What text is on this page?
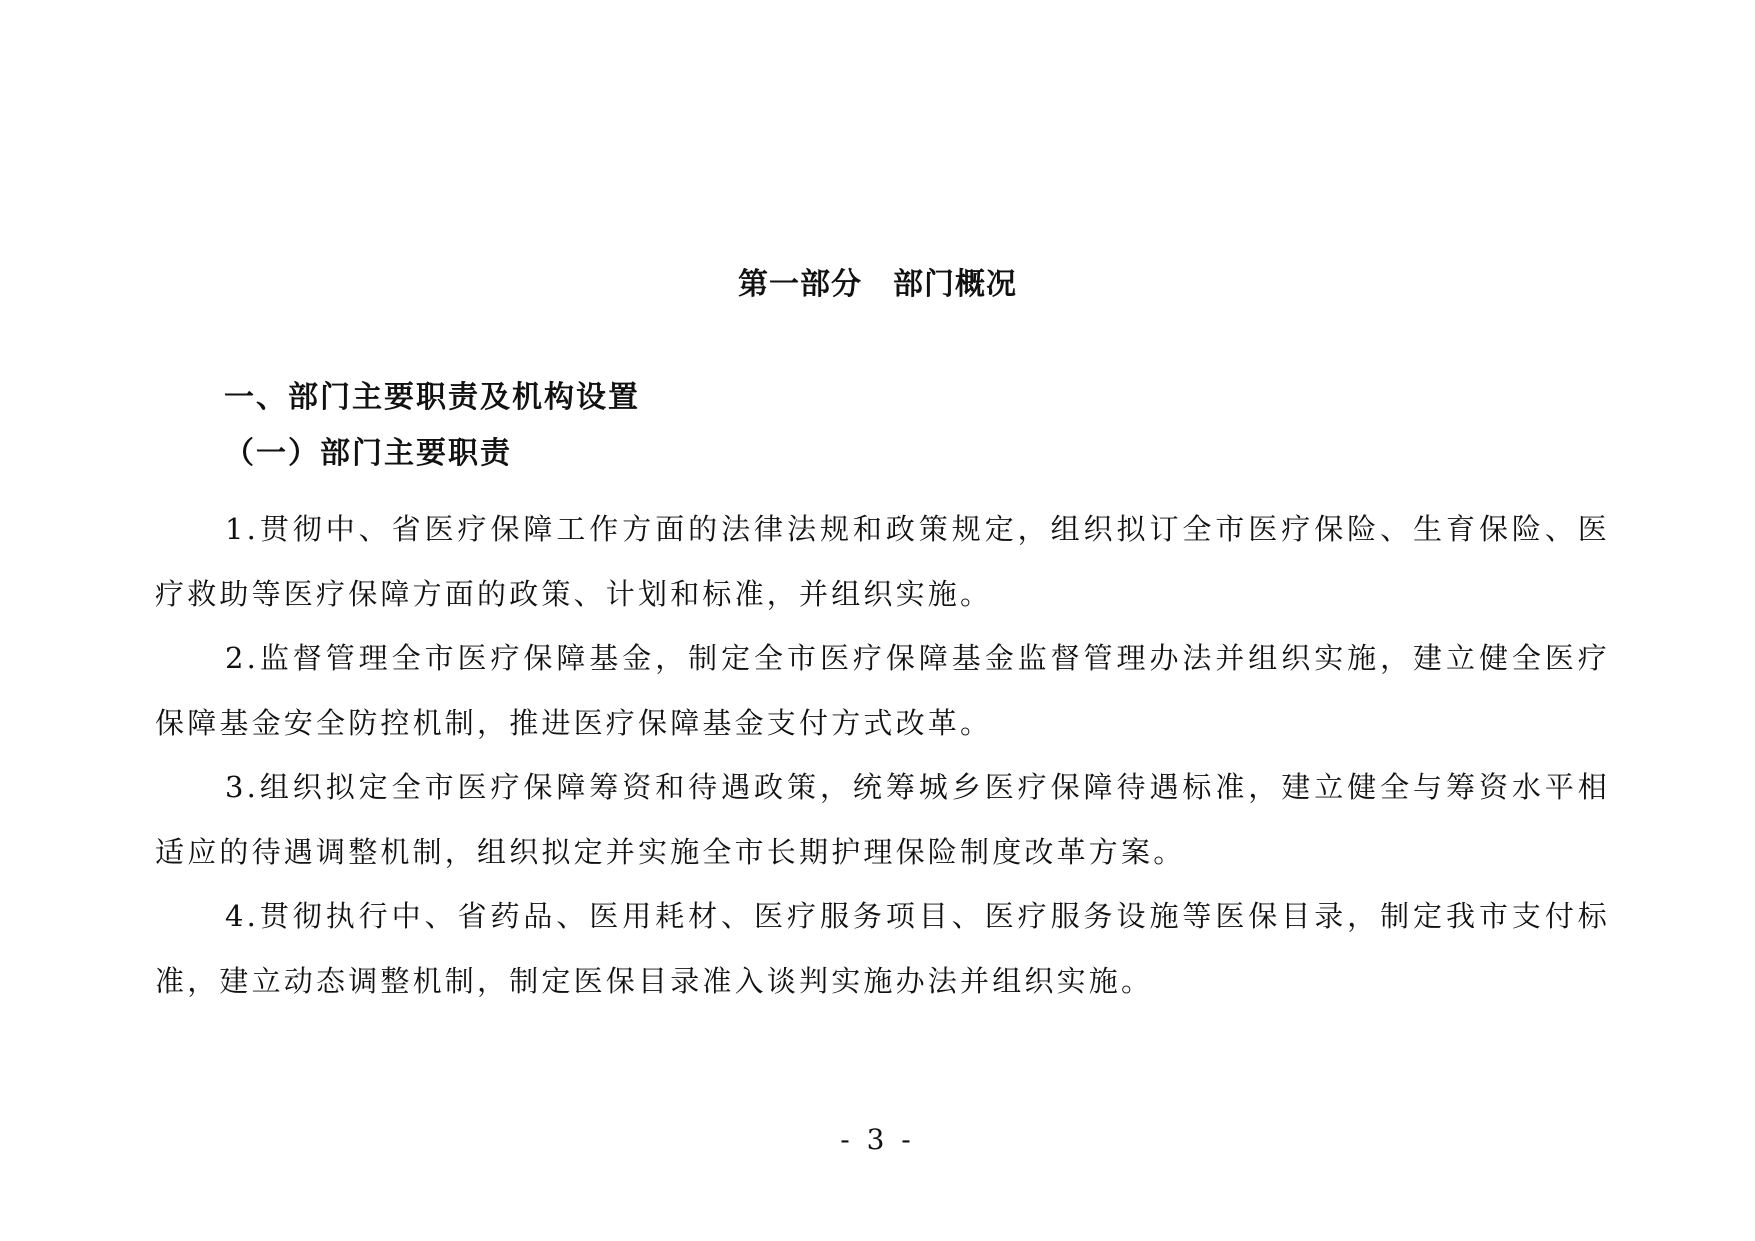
第一部分　部门概况
一、部门主要职责及机构设置
（一）部门主要职责

1.贯彻中、省医疗保障工作方面的法律法规和政策规定，组织拟订全市医疗保险、生育保险、医疗救助等医疗保障方面的政策、计划和标准，并组织实施。

2.监督管理全市医疗保障基金，制定全市医疗保障基金监督管理办法并组织实施，建立健全医疗保障基金安全防控机制，推进医疗保障基金支付方式改革。

3.组织拟定全市医疗保障筹资和待遇政策，统筹城乡医疗保障待遇标准，建立健全与筹资水平相适应的待遇调整机制，组织拟定并实施全市长期护理保险制度改革方案。

4.贯彻执行中、省药品、医用耗材、医疗服务项目、医疗服务设施等医保目录，制定我市支付标准，建立动态调整机制，制定医保目录准入谈判实施办法并组织实施。

- 3 -
